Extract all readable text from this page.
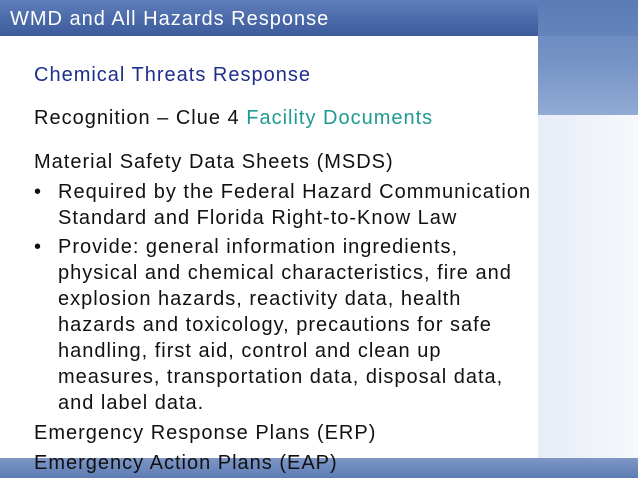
WMD and All Hazards Response
Chemical Threats Response
Recognition – Clue 4 Facility Documents
Material Safety Data Sheets (MSDS)
• Required by the Federal Hazard Communication
Standard and Florida Right-to-Know Law
• Provide: general information ingredients,
physical and chemical characteristics, fire and
explosion hazards, reactivity data, health
hazards and toxicology, precautions for safe
handling, first aid, control and clean up
measures, transportation data, disposal data,
and label data.
Emergency Response Plans (ERP)
Emergency Action Plans (EAP)
